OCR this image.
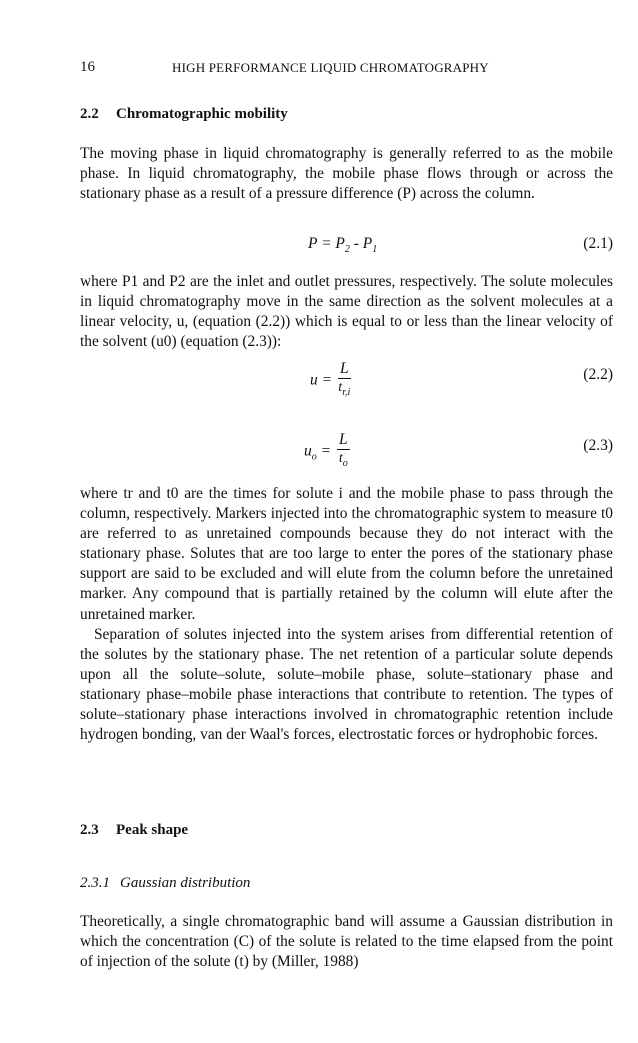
16	HIGH PERFORMANCE LIQUID CHROMATOGRAPHY
2.2 Chromatographic mobility

The moving phase in liquid chromatography is generally referred to as the mobile phase. In liquid chromatography, the mobile phase flows through or across the stationary phase as a result of a pressure difference (P) across the column.

$P = P_2 - P_1$	(2.1)

where P1 and P2 are the inlet and outlet pressures, respectively. The solute molecules in liquid chromatography move in the same direction as the solvent molecules at a linear velocity, u, (equation (2.2)) which is equal to or less than the linear velocity of the solvent (u0) (equation (2.3)):

$u = \frac{L}{t_{r,i}}$	(2.2)
$u_o = \frac{L}{t_o}$	(2.3)

where tr and t0 are the times for solute i and the mobile phase to pass through the column, respectively. Markers injected into the chromatographic system to measure t0 are referred to as unretained compounds because they do not interact with the stationary phase. Solutes that are too large to enter the pores of the stationary phase support are said to be excluded and will elute from the column before the unretained marker. Any compound that is partially retained by the column will elute after the unretained marker.

Separation of solutes injected into the system arises from differential retention of the solutes by the stationary phase. The net retention of a particular solute depends upon all the solute–solute, solute–mobile phase, solute–stationary phase and stationary phase–mobile phase interactions that contribute to retention. The types of solute–stationary phase interactions involved in chromatographic retention include hydrogen bonding, van der Waal's forces, electrostatic forces or hydrophobic forces.

2.3 Peak shape
2.3.1 Gaussian distribution

Theoretically, a single chromatographic band will assume a Gaussian distribution in which the concentration (C) of the solute is related to the time elapsed from the point of injection of the solute (t) by (Miller, 1988)
